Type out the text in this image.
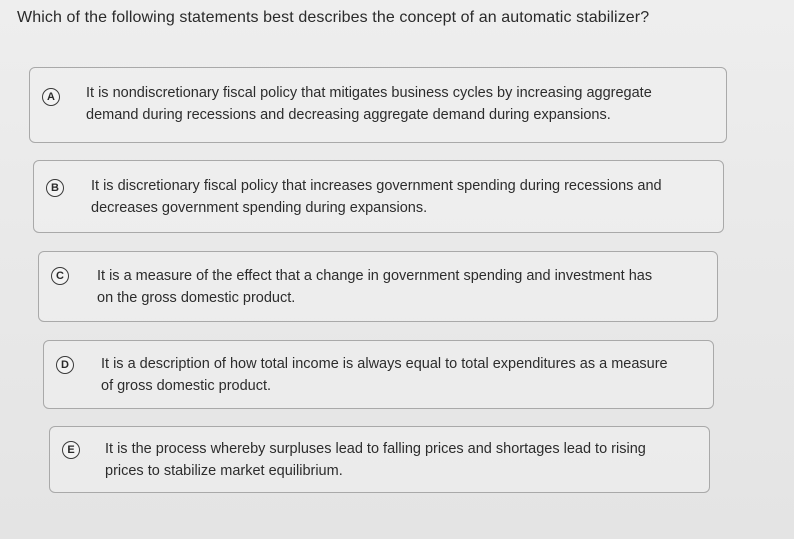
Which of the following statements best describes the concept of an automatic stabilizer?
A	It is nondiscretionary fiscal policy that mitigates business cycles by increasing aggregate
demand during recessions and decreasing aggregate demand during expansions.
B	It is discretionary fiscal policy that increases government spending during recessions and
decreases government spending during expansions.
C	It is a measure of the effect that a change in government spending and investment has
on the gross domestic product.
D	It is a description of how total income is always equal to total expenditures as a measure
of gross domestic product.
E	It is the process whereby surpluses lead to falling prices and shortages lead to rising
prices to stabilize market equilibrium.
